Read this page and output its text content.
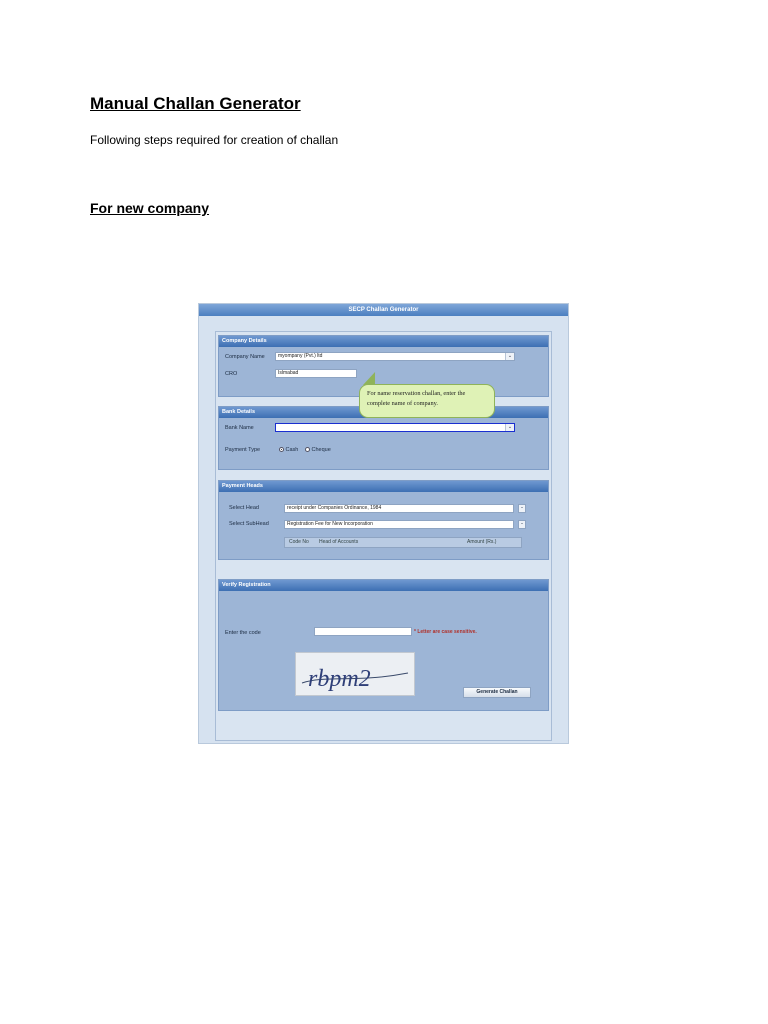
Manual Challan Generator

Following steps required for creation of challan

For new company
SECP Challan Generator
Company Details
Company Name	myompany (Pvt.) ltd	⌄
CRO	Islmabad
Bank Details
Bank Name	⌄
Payment Type	Cash	Cheque
Payment Heads
Select Head	receipt under Companies Ordinance, 1984	-
Select SubHead	Registration Fee for New Incorporation	-
Code No Head of Accounts	Amount (Rs.)
Verify Registration
Enter the code	* Letter are case sensitive.
rbpm2	Generate Challan
For name reservation challan, enter the
complete name of company.
